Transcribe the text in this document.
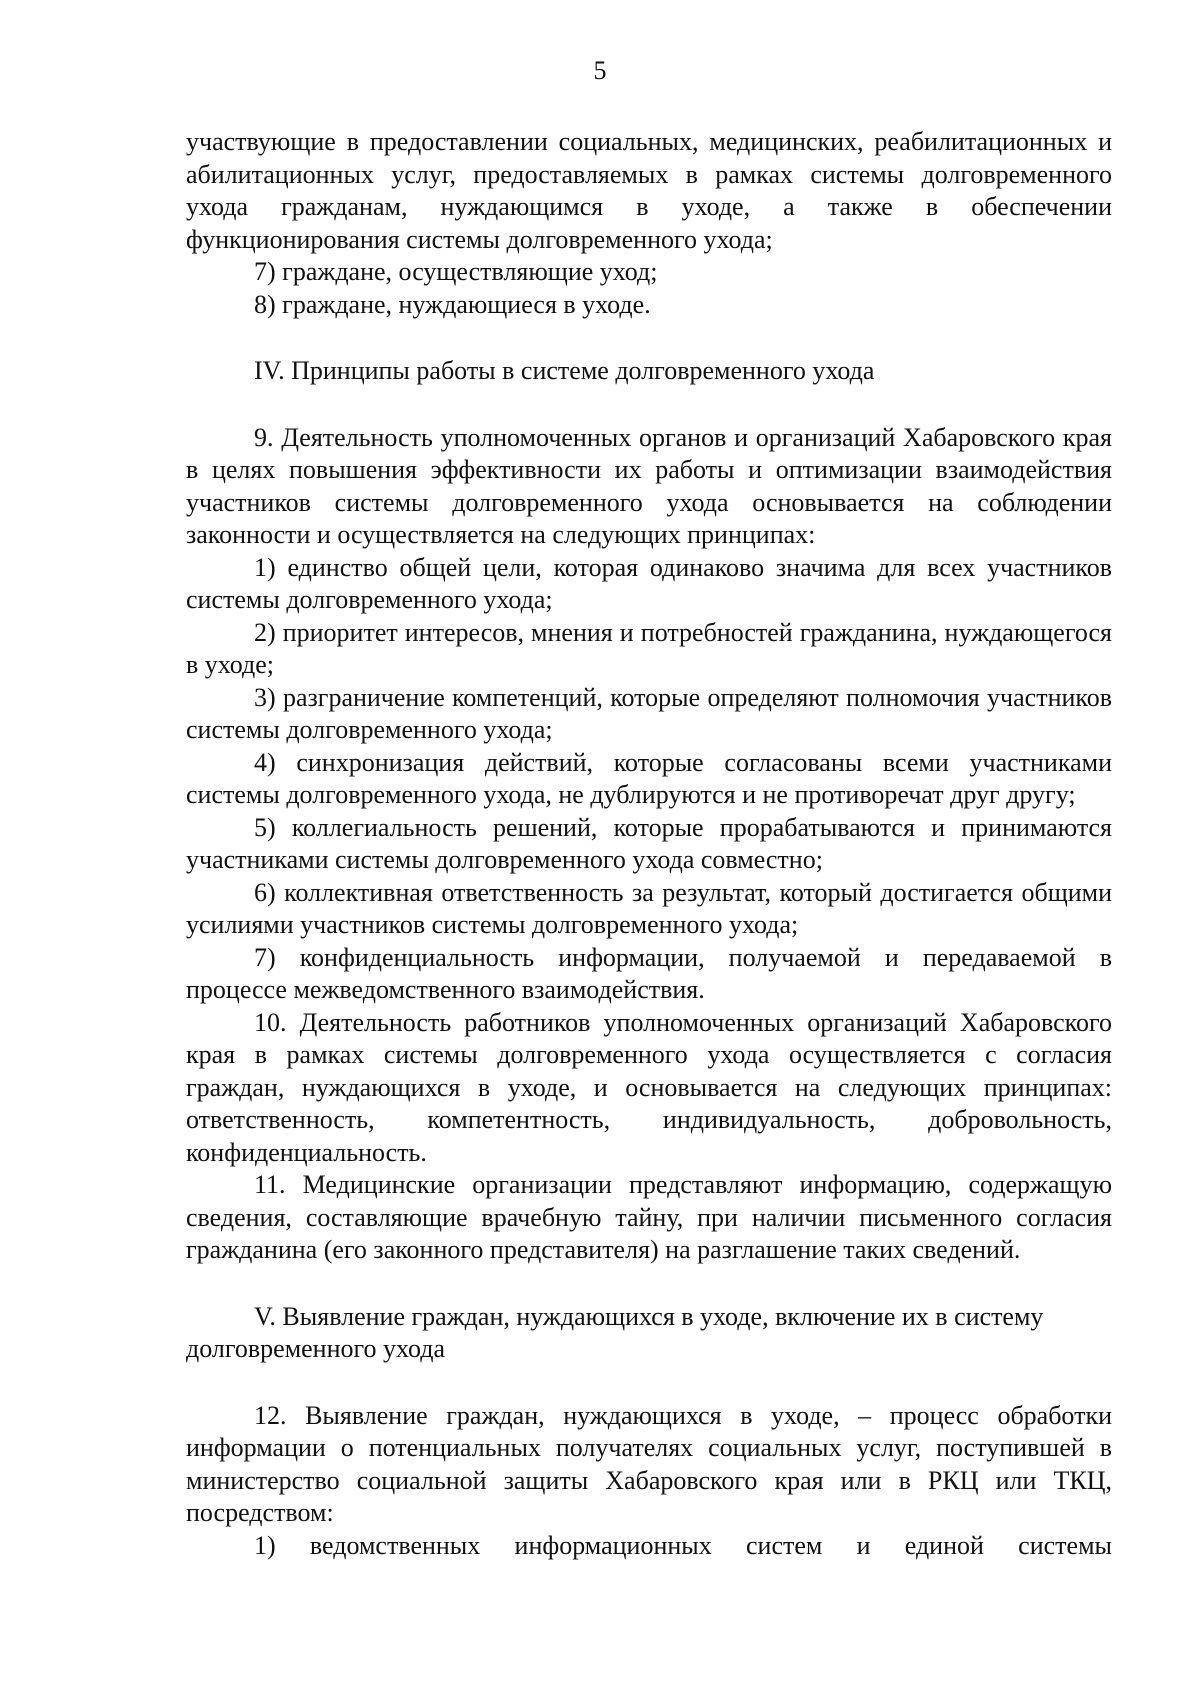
5

участвующие в предоставлении социальных, медицинских, реабилитационных и абилитационных услуг, предоставляемых в рамках системы долговременного ухода гражданам, нуждающимся в уходе, а также в обеспечении функционирования системы долговременного ухода;

7) граждане, осуществляющие уход;

8) граждане, нуждающиеся в уходе.

IV. Принципы работы в системе долговременного ухода

9. Деятельность уполномоченных органов и организаций Хабаровского края в целях повышения эффективности их работы и оптимизации взаимодействия участников системы долговременного ухода основывается на соблюдении законности и осуществляется на следующих принципах:

1) единство общей цели, которая одинаково значима для всех участников системы долговременного ухода;

2) приоритет интересов, мнения и потребностей гражданина, нуждающегося в уходе;

3) разграничение компетенций, которые определяют полномочия участников системы долговременного ухода;

4) синхронизация действий, которые согласованы всеми участниками системы долговременного ухода, не дублируются и не противоречат друг другу;

5) коллегиальность решений, которые прорабатываются и принимаются участниками системы долговременного ухода совместно;

6) коллективная ответственность за результат, который достигается общими усилиями участников системы долговременного ухода;

7) конфиденциальность информации, получаемой и передаваемой в процессе межведомственного взаимодействия.

10. Деятельность работников уполномоченных организаций Хабаровского края в рамках системы долговременного ухода осуществляется с согласия граждан, нуждающихся в уходе, и основывается на следующих принципах: ответственность, компетентность, индивидуальность, добровольность, конфиденциальность.

11. Медицинские организации представляют информацию, содержащую сведения, составляющие врачебную тайну, при наличии письменного согласия гражданина (его законного представителя) на разглашение таких сведений.

V. Выявление граждан, нуждающихся в уходе, включение их в систему долговременного ухода

12. Выявление граждан, нуждающихся в уходе, – процесс обработки информации о потенциальных получателях социальных услуг, поступившей в министерство социальной защиты Хабаровского края или в РКЦ или ТКЦ, посредством:

1) ведомственных информационных систем и единой системы
